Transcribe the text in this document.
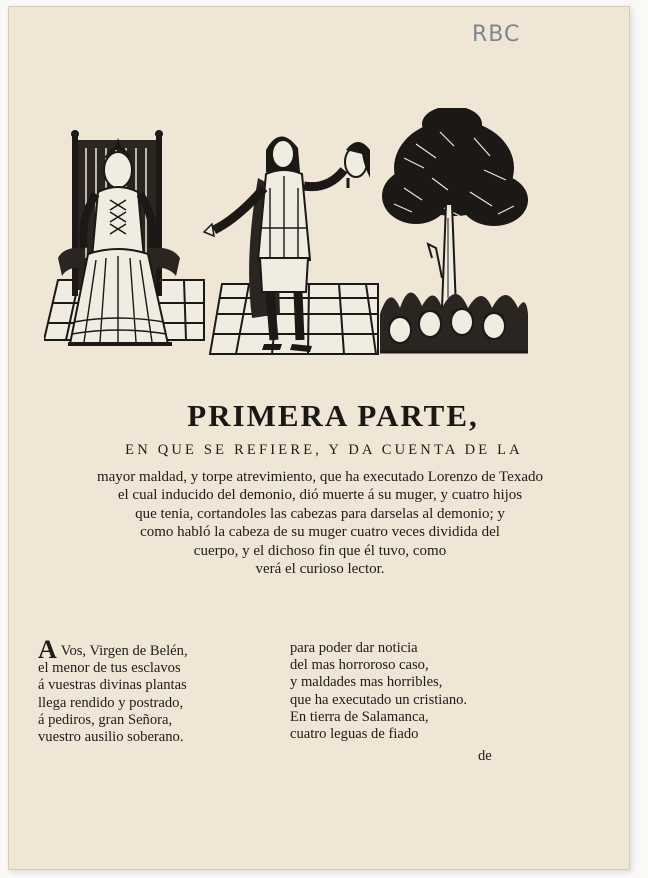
RBC
PRIMERA PARTE,
EN QUE SE REFIERE, Y DA CUENTA DE LA
mayor maldad, y torpe atrevimiento, que ha executado Lorenzo de Texado
el cual inducido del demonio, dió muerte á su muger, y cuatro hijos
que tenia, cortandoles las cabezas para darselas al demonio; y
como habló la cabeza de su muger cuatro veces dividida del
cuerpo, y el dichoso fin que él tuvo, como
verá el curioso lector.
A Vos, Virgen de Belén,
el menor de tus esclavos
á vuestras divinas plantas
llega rendido y postrado,
á pediros, gran Señora,
vuestro ausilio soberano.
para poder dar noticia
del mas horroroso caso,
y maldades mas horribles,
que ha executado un cristiano.
En tierra de Salamanca,
cuatro leguas de fiado
de
